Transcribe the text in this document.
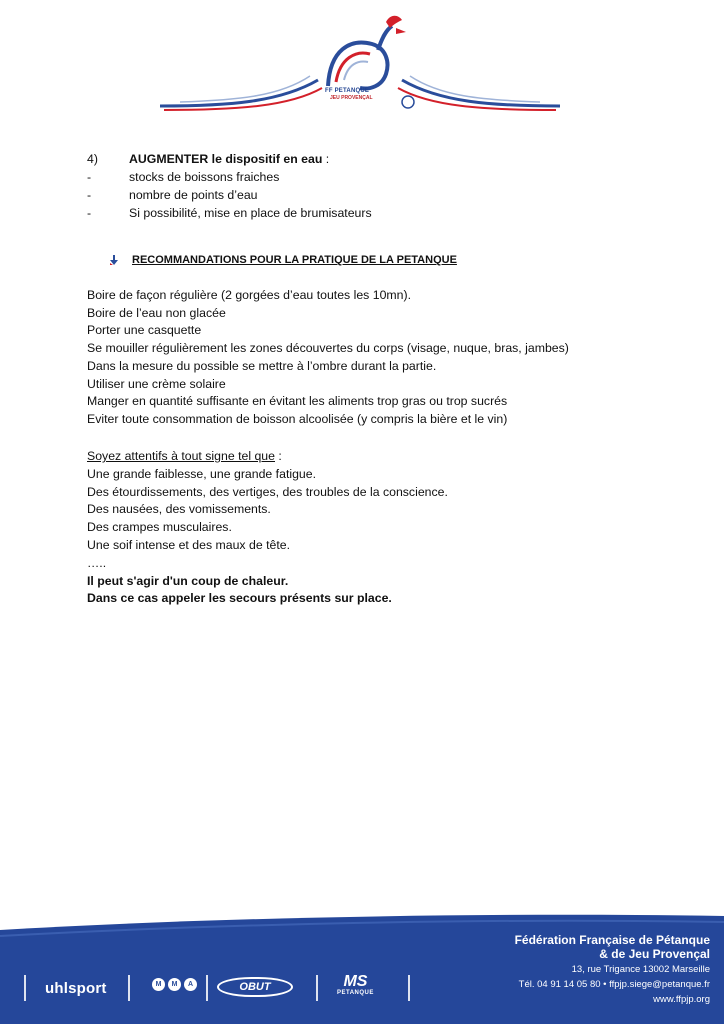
FF PETANQUE
JEU PROVENÇAL
4)	AUGMENTER le dispositif en eau :
-	stocks de boissons fraiches
-	nombre de points d’eau
-	Si possibilité, mise en place de brumisateurs
RECOMMANDATIONS POUR LA PRATIQUE DE LA PETANQUE
Boire de façon régulière (2 gorgées d’eau toutes les 10mn).
Boire de l’eau non glacée
Porter une casquette
Se mouiller régulièrement les zones découvertes du corps (visage, nuque, bras, jambes)
Dans la mesure du possible se mettre à l’ombre durant la partie.
Utiliser une crème solaire
Manger en quantité suffisante en évitant les aliments trop gras ou trop sucrés
Eviter toute consommation de boisson alcoolisée (y compris la bière et le vin)
Soyez attentifs à tout signe tel que :
Une grande faiblesse, une grande fatigue.
Des étourdissements, des vertiges, des troubles de la conscience.
Des nausées, des vomissements.
Des crampes musculaires.
Une soif intense et des maux de tête.
…..
Il peut s'agir d'un coup de chaleur.
Dans ce cas appeler les secours présents sur place.
Fédération Française de Pétanque
& de Jeu Provençal
13, rue Trigance 13002 Marseille
Tél. 04 91 14 05 80 • ffpjp.siege@petanque.fr
www.ffpjp.org
uhlsport	M	M	A	OBUT	MS
PETANQUE
